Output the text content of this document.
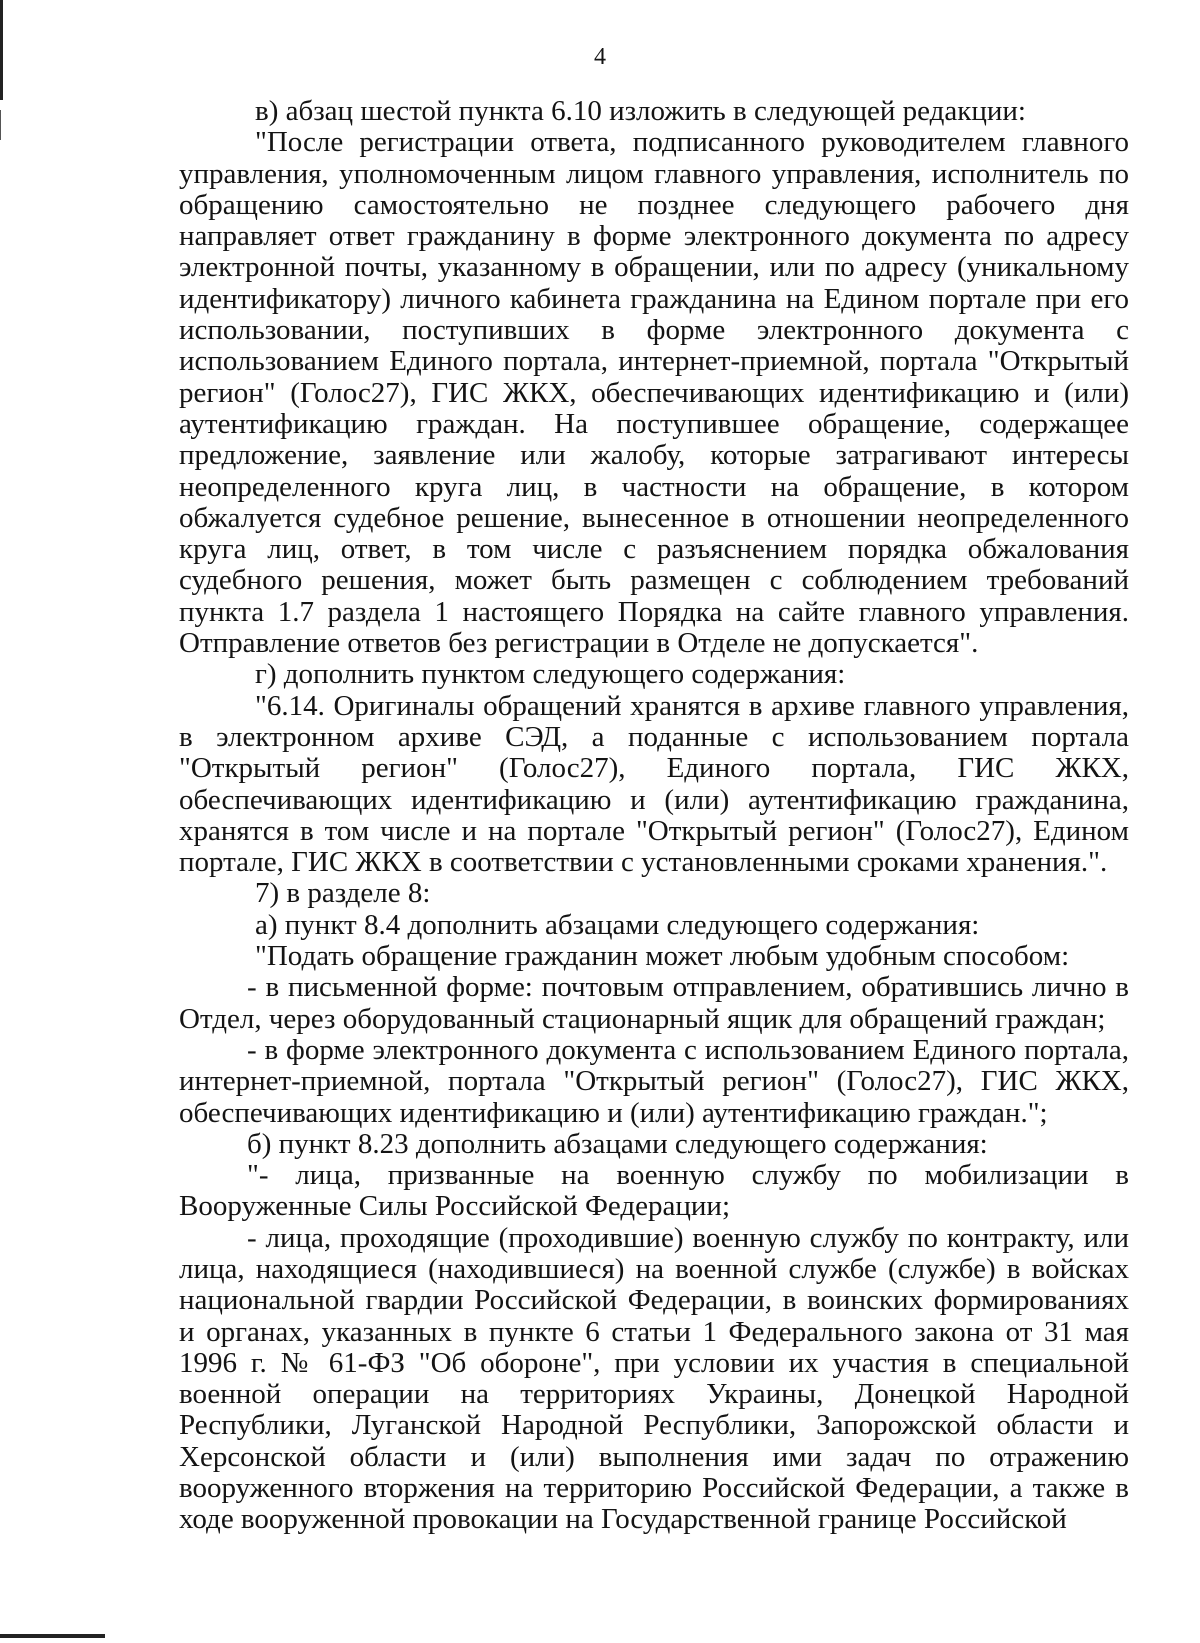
4

в) абзац шестой пункта 6.10 изложить в следующей редакции:

"После регистрации ответа, подписанного руководителем главного управления, уполномоченным лицом главного управления, исполнитель по обращению самостоятельно не позднее следующего рабочего дня направляет ответ гражданину в форме электронного документа по адресу электронной почты, указанному в обращении, или по адресу (уникальному идентификатору) личного кабинета гражданина на Едином портале при его использовании, поступивших в форме электронного документа с использованием Единого портала, интернет-приемной, портала "Открытый регион" (Голос27), ГИС ЖКХ, обеспечивающих идентификацию и (или) аутентификацию граждан. На поступившее обращение, содержащее предложение, заявление или жалобу, которые затрагивают интересы неопределенного круга лиц, в частности на обращение, в котором обжалуется судебное решение, вынесенное в отношении неопределенного круга лиц, ответ, в том числе с разъяснением порядка обжалования судебного решения, может быть размещен с соблюдением требований пункта 1.7 раздела 1 настоящего Порядка на сайте главного управления. Отправление ответов без регистрации в Отделе не допускается".

г) дополнить пунктом следующего содержания:

"6.14. Оригиналы обращений хранятся в архиве главного управления, в электронном архиве СЭД, а поданные с использованием портала "Открытый регион" (Голос27), Единого портала, ГИС ЖКХ, обеспечивающих идентификацию и (или) аутентификацию гражданина, хранятся в том числе и на портале "Открытый регион" (Голос27), Едином портале, ГИС ЖКХ в соответствии с установленными сроками хранения.".

7) в разделе 8:

а) пункт 8.4 дополнить абзацами следующего содержания:

"Подать обращение гражданин может любым удобным способом:

- в письменной форме: почтовым отправлением, обратившись лично в Отдел, через оборудованный стационарный ящик для обращений граждан;

- в форме электронного документа с использованием Единого портала, интернет-приемной, портала "Открытый регион" (Голос27), ГИС ЖКХ, обеспечивающих идентификацию и (или) аутентификацию граждан.";

б) пункт 8.23 дополнить абзацами следующего содержания:

"- лица, призванные на военную службу по мобилизации в Вооруженные Силы Российской Федерации;

- лица, проходящие (проходившие) военную службу по контракту, или лица, находящиеся (находившиеся) на военной службе (службе) в войсках национальной гвардии Российской Федерации, в воинских формированиях и органах, указанных в пункте 6 статьи 1 Федерального закона от 31 мая 1996 г. № 61-ФЗ "Об обороне", при условии их участия в специальной военной операции на территориях Украины, Донецкой Народной Республики, Луганской Народной Республики, Запорожской области и Херсонской области и (или) выполнения ими задач по отражению вооруженного вторжения на территорию Российской Федерации, а также в ходе вооруженной провокации на Государственной границе Российской
